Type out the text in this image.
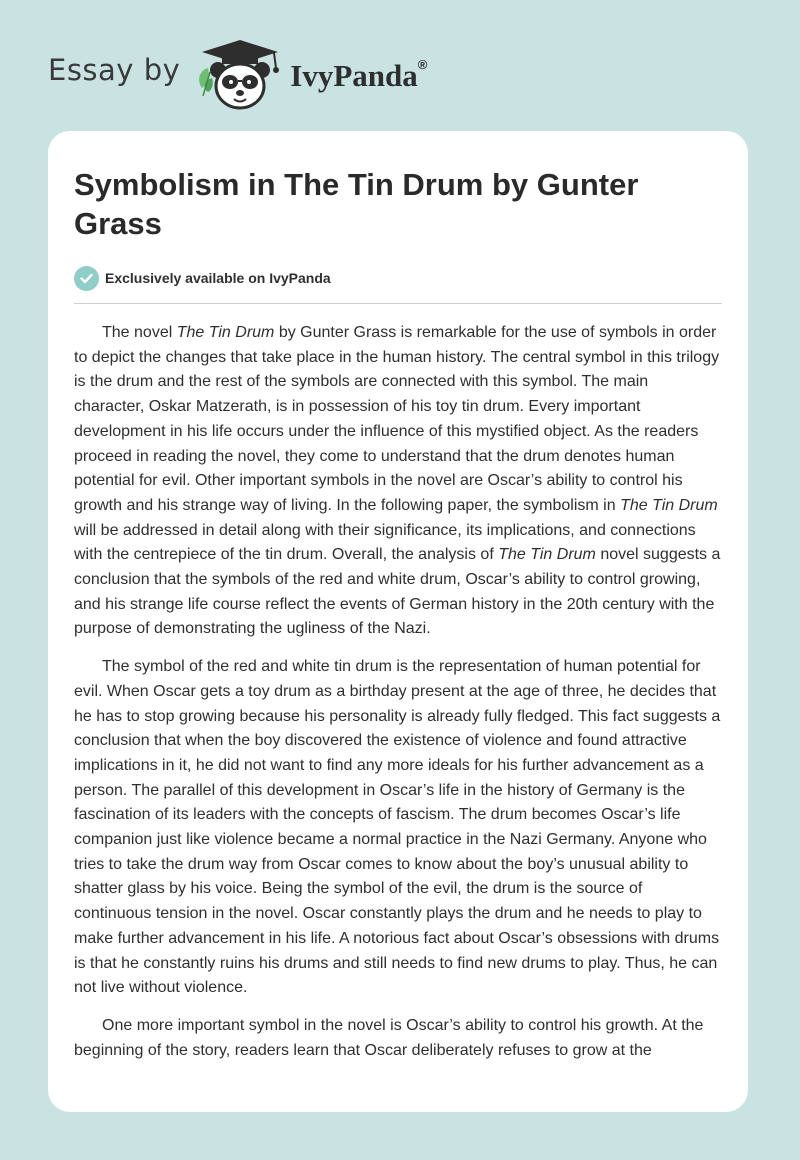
Essay by	IvyPanda®
Symbolism in The Tin Drum by Gunter Grass
Exclusively available on IvyPanda

The novel The Tin Drum by Gunter Grass is remarkable for the use of symbols in order to depict the changes that take place in the human history. The central symbol in this trilogy is the drum and the rest of the symbols are connected with this symbol. The main character, Oskar Matzerath, is in possession of his toy tin drum. Every important development in his life occurs under the influence of this mystified object. As the readers proceed in reading the novel, they come to understand that the drum denotes human potential for evil. Other important symbols in the novel are Oscar’s ability to control his growth and his strange way of living. In the following paper, the symbolism in The Tin Drum will be addressed in detail along with their significance, its implications, and connections with the centrepiece of the tin drum. Overall, the analysis of The Tin Drum novel suggests a conclusion that the symbols of the red and white drum, Oscar’s ability to control growing, and his strange life course reflect the events of German history in the 20th century with the purpose of demonstrating the ugliness of the Nazi.

The symbol of the red and white tin drum is the representation of human potential for evil. When Oscar gets a toy drum as a birthday present at the age of three, he decides that he has to stop growing because his personality is already fully fledged. This fact suggests a conclusion that when the boy discovered the existence of violence and found attractive implications in it, he did not want to find any more ideals for his further advancement as a person. The parallel of this development in Oscar’s life in the history of Germany is the fascination of its leaders with the concepts of fascism. The drum becomes Oscar’s life companion just like violence became a normal practice in the Nazi Germany. Anyone who tries to take the drum way from Oscar comes to know about the boy’s unusual ability to shatter glass by his voice. Being the symbol of the evil, the drum is the source of continuous tension in the novel. Oscar constantly plays the drum and he needs to play to make further advancement in his life. A notorious fact about Oscar’s obsessions with drums is that he constantly ruins his drums and still needs to find new drums to play. Thus, he can not live without violence.

One more important symbol in the novel is Oscar’s ability to control his growth. At the beginning of the story, readers learn that Oscar deliberately refuses to grow at the
